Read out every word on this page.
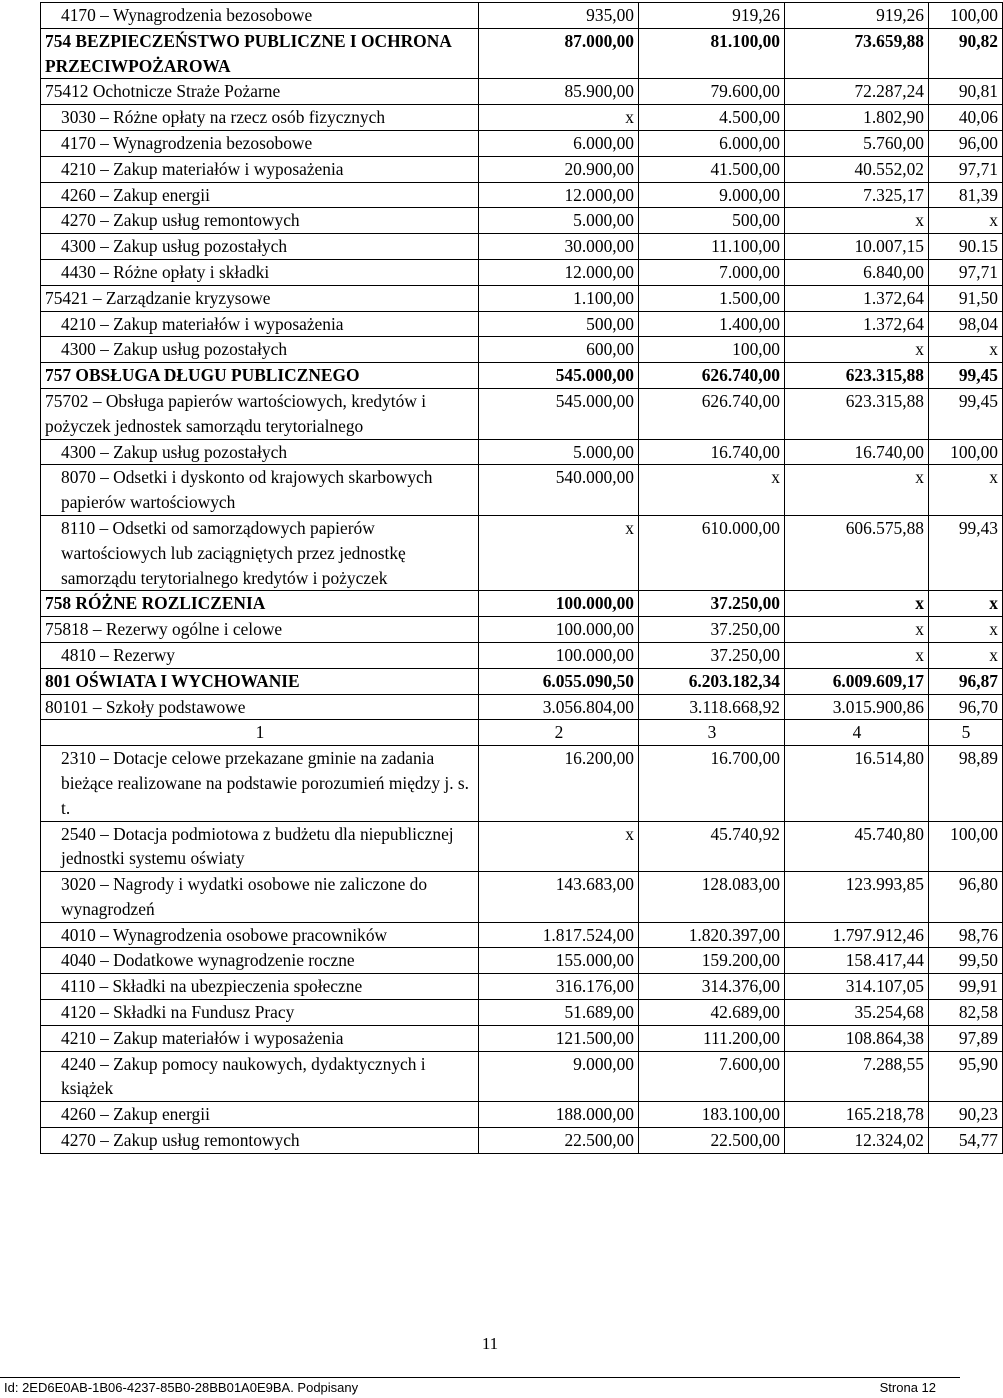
4170 – Wynagrodzenia bezosobowe	935,00	919,26	919,26	100,00
754 BEZPIECZEŃSTWO PUBLICZNE I OCHRONA PRZECIWPOŻAROWA	87.000,00	81.100,00	73.659,88	90,82
75412 Ochotnicze Straże Pożarne	85.900,00	79.600,00	72.287,24	90,81
3030 – Różne opłaty na rzecz osób fizycznych	x	4.500,00	1.802,90	40,06
4170 – Wynagrodzenia bezosobowe	6.000,00	6.000,00	5.760,00	96,00
4210 – Zakup materiałów i wyposażenia	20.900,00	41.500,00	40.552,02	97,71
4260 – Zakup energii	12.000,00	9.000,00	7.325,17	81,39
4270 – Zakup usług remontowych	5.000,00	500,00	x	x
4300 – Zakup usług pozostałych	30.000,00	11.100,00	10.007,15	90.15
4430 – Różne opłaty i składki	12.000,00	7.000,00	6.840,00	97,71
75421 – Zarządzanie kryzysowe	1.100,00	1.500,00	1.372,64	91,50
4210 – Zakup materiałów i wyposażenia	500,00	1.400,00	1.372,64	98,04
4300 – Zakup usług pozostałych	600,00	100,00	x	x
757 OBSŁUGA DŁUGU PUBLICZNEGO	545.000,00	626.740,00	623.315,88	99,45
75702 – Obsługa papierów wartościowych, kredytów i pożyczek jednostek samorządu terytorialnego	545.000,00	626.740,00	623.315,88	99,45
4300 – Zakup usług pozostałych	5.000,00	16.740,00	16.740,00	100,00
8070 – Odsetki i dyskonto od krajowych skarbowych papierów wartościowych	540.000,00	x	x	x
8110 – Odsetki od samorządowych papierów wartościowych lub zaciągniętych przez jednostkę samorządu terytorialnego kredytów i pożyczek	x	610.000,00	606.575,88	99,43
758 RÓŻNE ROZLICZENIA	100.000,00	37.250,00	x	x
75818 – Rezerwy ogólne i celowe	100.000,00	37.250,00	x	x
4810 – Rezerwy	100.000,00	37.250,00	x	x
801 OŚWIATA I WYCHOWANIE	6.055.090,50	6.203.182,34	6.009.609,17	96,87
80101 – Szkoły podstawowe	3.056.804,00	3.118.668,92	3.015.900,86	96,70
1	2	3	4	5
2310 – Dotacje celowe przekazane gminie na zadania bieżące realizowane na podstawie porozumień między j. s. t.	16.200,00	16.700,00	16.514,80	98,89
2540 – Dotacja podmiotowa z budżetu dla niepublicznej jednostki systemu oświaty	x	45.740,92	45.740,80	100,00
3020 – Nagrody i wydatki osobowe nie zaliczone do wynagrodzeń	143.683,00	128.083,00	123.993,85	96,80
4010 – Wynagrodzenia osobowe pracowników	1.817.524,00	1.820.397,00	1.797.912,46	98,76
4040 – Dodatkowe wynagrodzenie roczne	155.000,00	159.200,00	158.417,44	99,50
4110 – Składki na ubezpieczenia społeczne	316.176,00	314.376,00	314.107,05	99,91
4120 – Składki na Fundusz Pracy	51.689,00	42.689,00	35.254,68	82,58
4210 – Zakup materiałów i wyposażenia	121.500,00	111.200,00	108.864,38	97,89
4240 – Zakup pomocy naukowych, dydaktycznych i książek	9.000,00	7.600,00	7.288,55	95,90
4260 – Zakup energii	188.000,00	183.100,00	165.218,78	90,23
4270 – Zakup usług remontowych	22.500,00	22.500,00	12.324,02	54,77
11
Id: 2ED6E0AB-1B06-4237-85B0-28BB01A0E9BA. Podpisany	Strona 12
